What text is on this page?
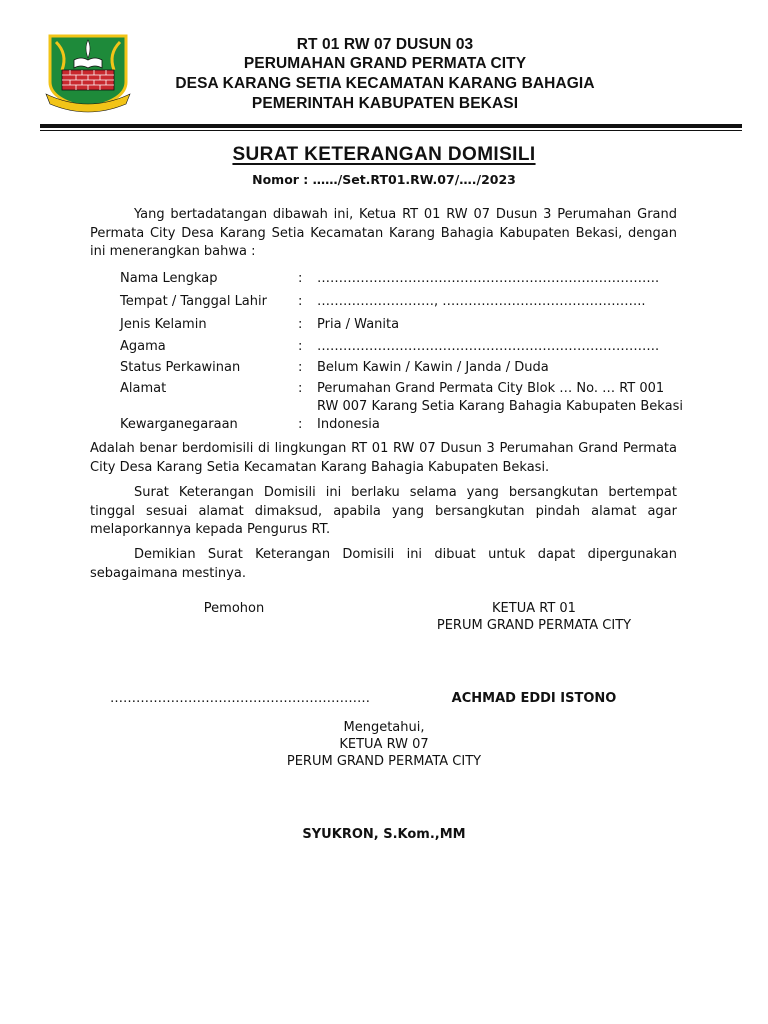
RT 01 RW 07 DUSUN 03
PERUMAHAN GRAND PERMATA CITY
DESA KARANG SETIA KECAMATAN KARANG BAHAGIA
PEMERINTAH KABUPATEN BEKASI
SURAT KETERANGAN DOMISILI
Nomor : ……/Set.RT01.RW.07/…./2023
Yang bertadatangan dibawah ini, Ketua RT 01 RW 07 Dusun 3 Perumahan Grand Permata City Desa Karang Setia Kecamatan Karang Bahagia Kabupaten Bekasi, dengan ini menerangkan bahwa :
Nama Lengkap	: …………………………………………………………………….
Tempat / Tanggal Lahir : ………………………, ………………………………………..
Jenis Kelamin	: Pria / Wanita
Agama	: …………………………………………………………………….
Status Perkawinan	: Belum Kawin / Kawin / Janda / Duda
Alamat	: Perumahan Grand Permata City Blok … No. … RT 001
RW 007 Karang Setia Karang Bahagia Kabupaten Bekasi
Kewarganegaraan	: Indonesia
Adalah benar berdomisili di lingkungan RT 01 RW 07 Dusun 3 Perumahan Grand Permata City Desa Karang Setia Kecamatan Karang Bahagia Kabupaten Bekasi.
Surat Keterangan Domisili ini berlaku selama yang bersangkutan bertempat tinggal sesuai alamat dimaksud, apabila yang bersangkutan pindah alamat agar melaporkannya kepada Pengurus RT.
Demikian Surat Keterangan Domisili ini dibuat untuk dapat dipergunakan sebagaimana mestinya.
Pemohon	KETUA RT 01
PERUM GRAND PERMATA CITY
……………………………………………………	ACHMAD EDDI ISTONO
Mengetahui,
KETUA RW 07
PERUM GRAND PERMATA CITY
SYUKRON, S.Kom.,MM
